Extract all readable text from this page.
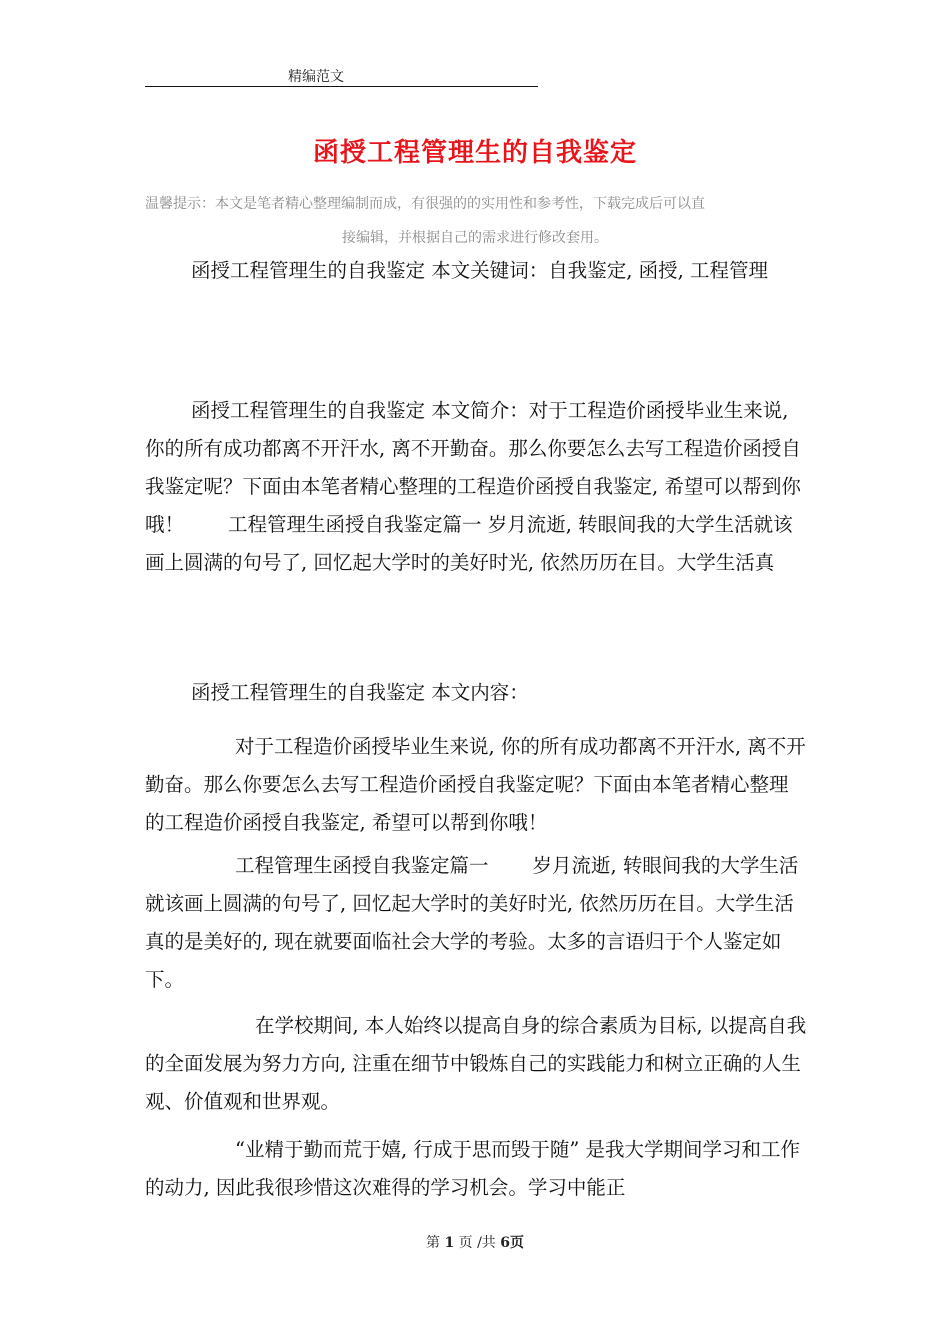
精编范文
函授工程管理生的自我鉴定
温馨提示：本文是笔者精心整理编制而成，有很强的的实用性和参考性，下载完成后可以直
接编辑，并根据自己的需求进行修改套用。
函授工程管理生的自我鉴定 本文关键词：自我鉴定, 函授, 工程管理
函授工程管理生的自我鉴定 本文简介：对于工程造价函授毕业生来说, 你的所有成功都离不开汗水, 离不开勤奋。那么你要怎么去写工程造价函授自我鉴定呢？下面由本笔者精心整理的工程造价函授自我鉴定, 希望可以帮到你哦！ 工程管理生函授自我鉴定篇一 岁月流逝, 转眼间我的大学生活就该画上圆满的句号了, 回忆起大学时的美好时光, 依然历历在目。大学生活真
函授工程管理生的自我鉴定 本文内容：
对于工程造价函授毕业生来说, 你的所有成功都离不开汗水, 离不开勤奋。那么你要怎么去写工程造价函授自我鉴定呢？下面由本笔者精心整理的工程造价函授自我鉴定, 希望可以帮到你哦！
工程管理生函授自我鉴定篇一 岁月流逝, 转眼间我的大学生活就该画上圆满的句号了, 回忆起大学时的美好时光, 依然历历在目。大学生活真的是美好的, 现在就要面临社会大学的考验。太多的言语归于个人鉴定如下。
在学校期间, 本人始终以提高自身的综合素质为目标, 以提高自我的全面发展为努力方向, 注重在细节中锻炼自己的实践能力和树立正确的人生观、价值观和世界观。
“业精于勤而荒于嬉, 行成于思而毁于随” 是我大学期间学习和工作的动力, 因此我很珍惜这次难得的学习机会。学习中能正
第 1 页 /共 6页
